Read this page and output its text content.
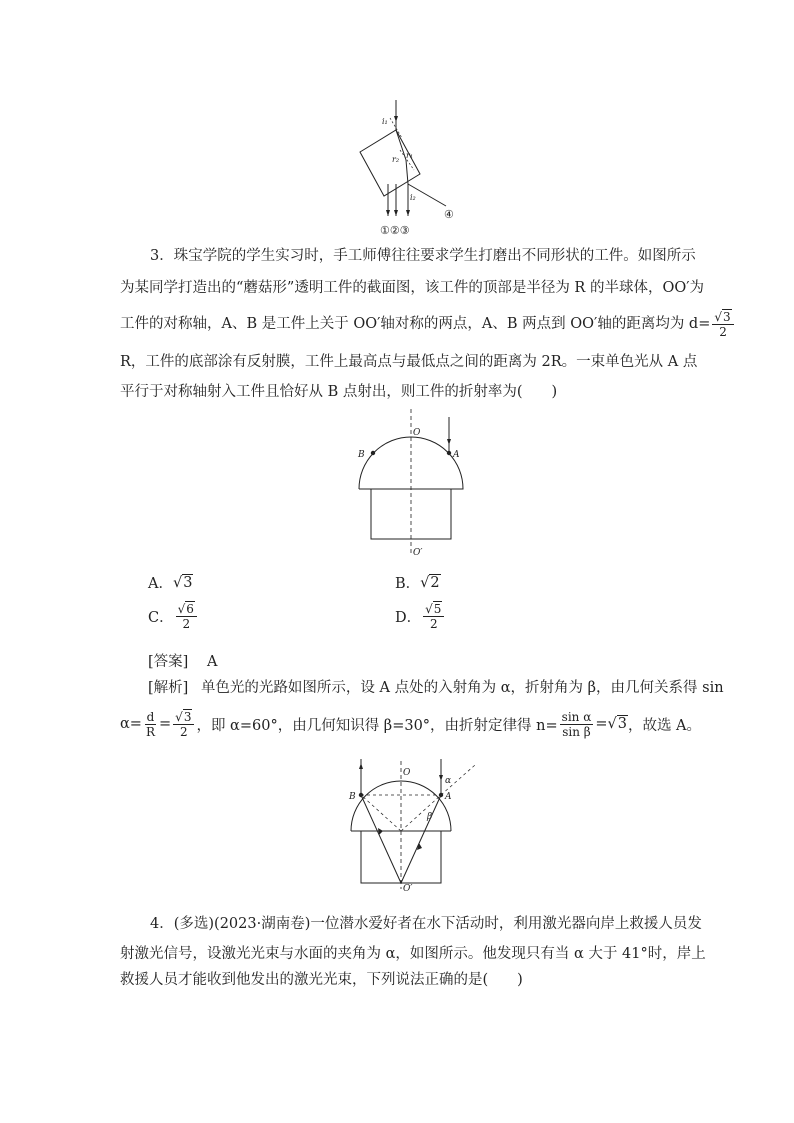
i₁
r₁
r₂
i₂
④
①②③
3．珠宝学院的学生实习时，手工师傅往往要求学生打磨出不同形状的工件。如图所示
为某同学打造出的“蘑菇形”透明工件的截面图，该工件的顶部是半径为 R 的半球体，OO′为
工件的对称轴，A、B 是工件上关于 OO′轴对称的两点，A、B 两点到 OO′轴的距离均为 $d= \frac{√3}{2}$
R，工件的底部涂有反射膜，工件上最高点与最低点之间的距离为 2R。一束单色光从 A 点
平行于对称轴射入工件且恰好从 B 点射出，则工件的折射率为(　　)
O
A
B
O′
A． √3	B． √2
C． $\frac{√6}{2}$	D． $\frac{√5}{2}$
[答案] A
[解析] 单色光的光路如图所示，设 A 点处的入射角为 α，折射角为 β，由几何关系得 sin
$\alpha= \frac{d}{R} = \frac{√3}{2}$ ，即 α=60°，由几何知识得 β=30°，由折射定律得 $n= \frac{\text{sin α}}{\text{sin β}} = √3$ ，故选 A。
O
A
B
O′
α
β
4．(多选)(2023·湖南卷)一位潜水爱好者在水下活动时，利用激光器向岸上救援人员发
射激光信号，设激光光束与水面的夹角为 α，如图所示。他发现只有当 α 大于 41°时，岸上
救援人员才能收到他发出的激光光束，下列说法正确的是(　　)
